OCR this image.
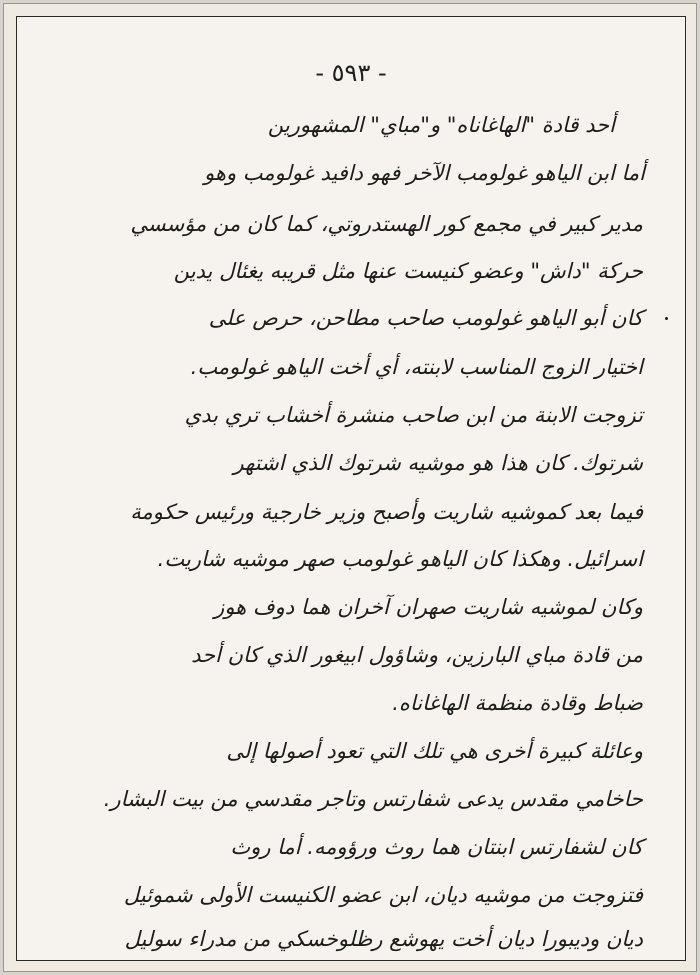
- ٥٩٣ -
أحد قادة "الهاغاناه" و"مباي" المشهورين
أما ابن الياهو غولومب الآخر فهو دافيد غولومب وهو
مدير كبير في مجمع كور الهستدروتي، كما كان من مؤسسي
حركة "داش" وعضو كنيست عنها مثل قريبه يغئال يدين
كان أبو الياهو غولومب صاحب مطاحن، حرص على
اختيار الزوج المناسب لابنته، أي أخت الياهو غولومب.
تزوجت الابنة من ابن صاحب منشرة أخشاب تري بدي
شرتوك. كان هذا هو موشيه شرتوك الذي اشتهر
فيما بعد كموشيه شاريت وأصبح وزير خارجية ورئيس حكومة
اسرائيل. وهكذا كان الياهو غولومب صهر موشيه شاريت.
وكان لموشيه شاريت صهران آخران هما دوف هوز
من قادة مباي البارزين، وشاؤول ابيغور الذي كان أحد
ضباط وقادة منظمة الهاغاناه.
وعائلة كبيرة أخرى هي تلك التي تعود أصولها إلى
حاخامي مقدس يدعى شفارتس وتاجر مقدسي من بيت البشار.
كان لشفارتس ابنتان هما روث ورؤومه. أما روث
فتزوجت من موشيه ديان، ابن عضو الكنيست الأولى شموئيل
ديان وديبورا ديان أخت يهوشع رظلوخسكي من مدراء سوليل
